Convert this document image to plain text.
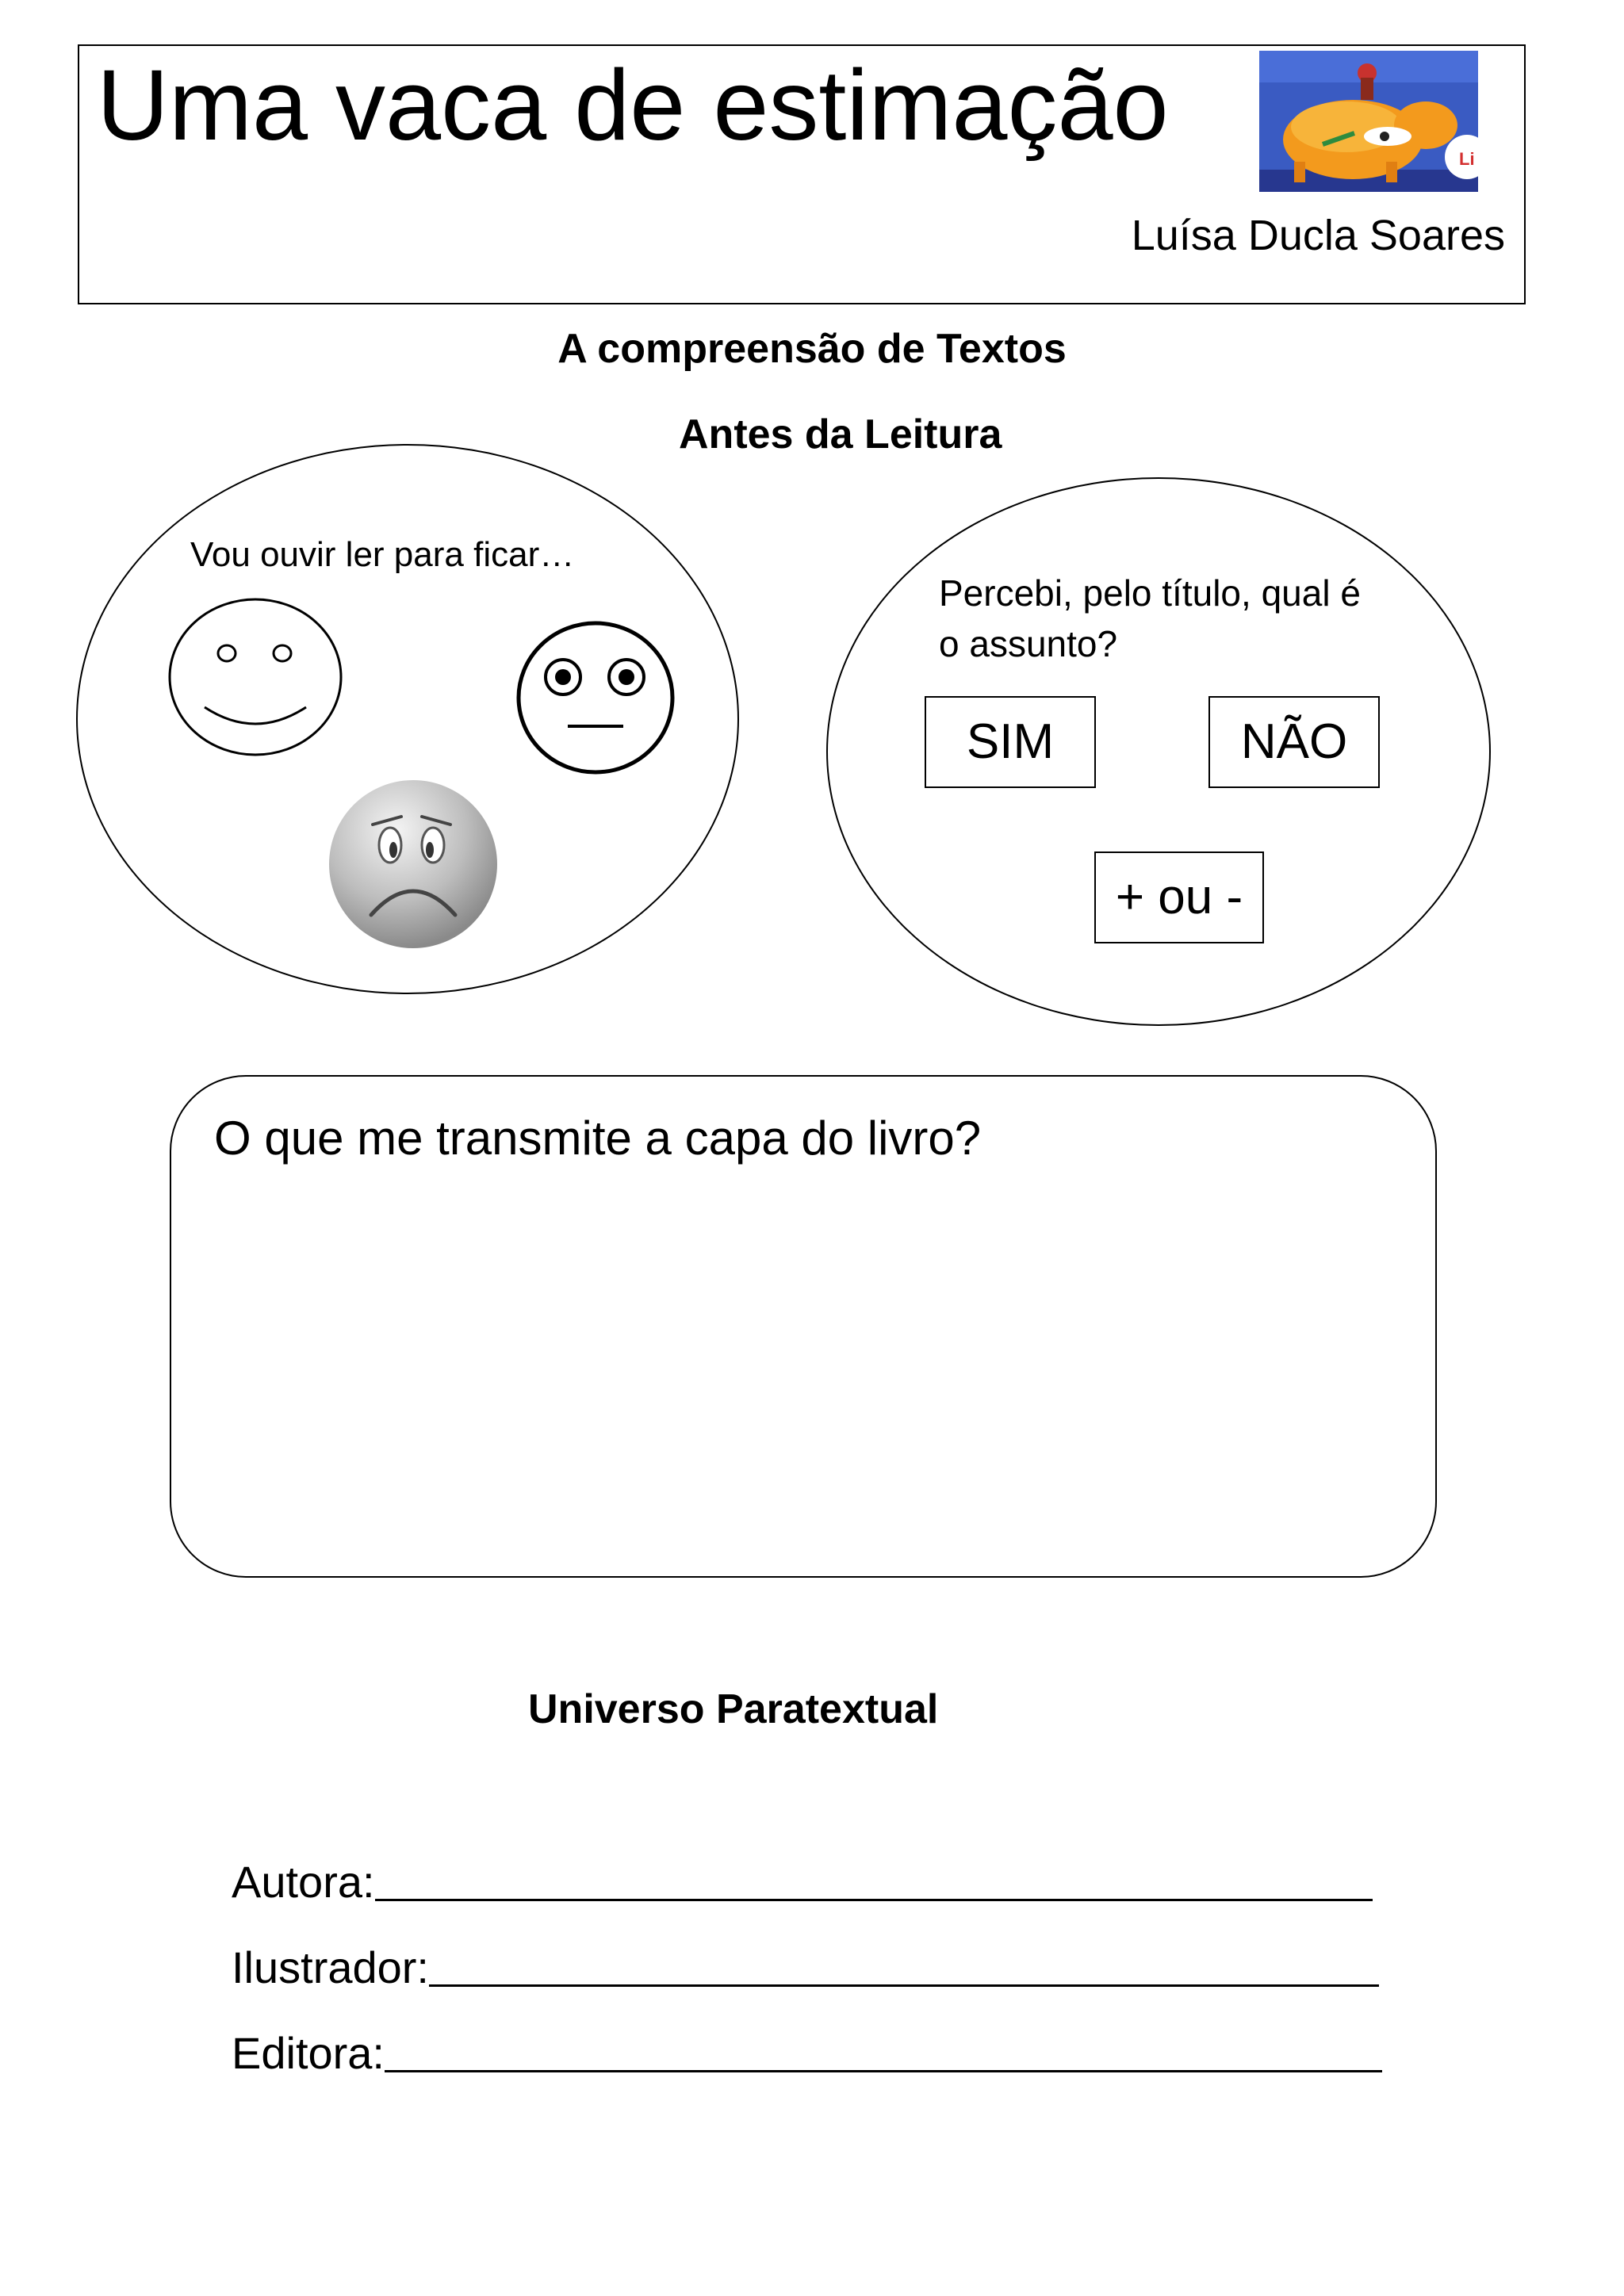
Uma vaca de estimação	Li
Luísa Ducla Soares
A compreensão de Textos
Antes da Leitura
Vou ouvir ler para ficar…
Percebi, pelo título, qual é o assunto?
SIM	NÃO
+ ou -
O que me transmite a capa do livro?
Universo Paratextual
Autora:
Ilustrador:
Editora:
